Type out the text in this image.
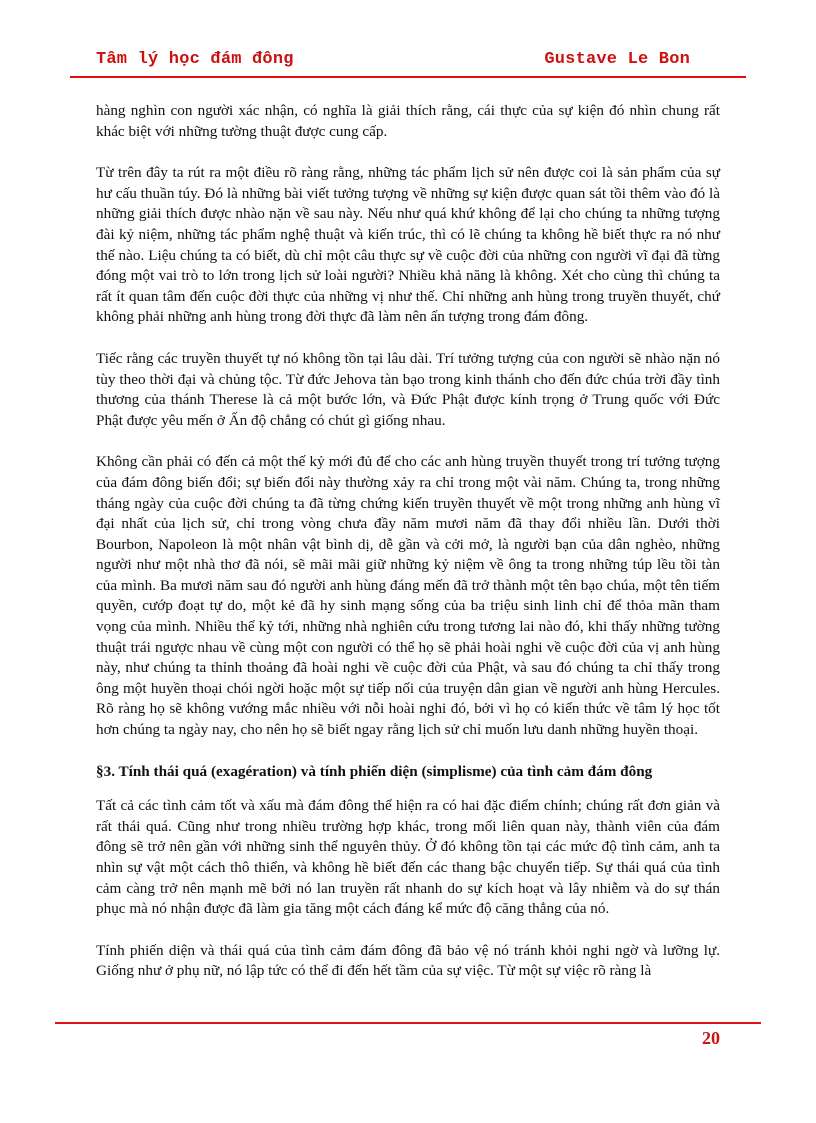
Tâm lý học đám đông	Gustave Le Bon

hàng nghìn con người xác nhận, có nghĩa là giải thích rằng, cái thực của sự kiện đó nhìn chung rất khác biệt với những tường thuật được cung cấp.

Từ trên đây ta rút ra một điều rõ ràng rằng, những tác phẩm lịch sử nên được coi là sản phẩm của sự hư cấu thuần túy. Đó là những bài viết tưởng tượng về những sự kiện được quan sát tồi thêm vào đó là những giải thích được nhào nặn về sau này. Nếu như quá khứ không để lại cho chúng ta những tượng đài kỷ niệm, những tác phẩm nghệ thuật và kiến trúc, thì có lẽ chúng ta không hề biết thực ra nó như thế nào. Liệu chúng ta có biết, dù chỉ một câu thực sự về cuộc đời của những con người vĩ đại đã từng đóng một vai trò to lớn trong lịch sử loài người? Nhiều khả năng là không. Xét cho cùng thì chúng ta rất ít quan tâm đến cuộc đời thực của những vị như thế. Chỉ những anh hùng trong truyền thuyết, chứ không phải những anh hùng trong đời thực đã làm nên ấn tượng trong đám đông.

Tiếc rằng các truyền thuyết tự nó không tồn tại lâu dài. Trí tưởng tượng của con người sẽ nhào nặn nó tùy theo thời đại và chủng tộc. Từ đức Jehova tàn bạo trong kinh thánh cho đến đức chúa trời đầy tình thương của thánh Therese là cả một bước lớn, và Đức Phật được kính trọng ở Trung quốc với Đức Phật được yêu mến ở Ấn độ chẳng có chút gì giống nhau.

Không cần phải có đến cả một thế kỷ mới đủ để cho các anh hùng truyền thuyết trong trí tưởng tượng của đám đông biến đổi; sự biến đổi này thường xảy ra chỉ trong một vài năm. Chúng ta, trong những tháng ngày của cuộc đời chúng ta đã từng chứng kiến truyền thuyết về một trong những anh hùng vĩ đại nhất của lịch sử, chỉ trong vòng chưa đầy năm mươi năm đã thay đổi nhiều lần. Dưới thời Bourbon, Napoleon là một nhân vật bình dị, dễ gần và cởi mở, là người bạn của dân nghèo, những người như một nhà thơ đã nói, sẽ mãi mãi giữ những kỷ niệm về ông ta trong những túp lều tồi tàn của mình. Ba mươi năm sau đó người anh hùng đáng mến đã trở thành một tên bạo chúa, một tên tiếm quyền, cướp đoạt tự do, một kẻ đã hy sinh mạng sống của ba triệu sinh linh chỉ để thỏa mãn tham vọng của mình. Nhiều thế kỷ tới, những nhà nghiên cứu trong tương lai nào đó, khi thấy những tường thuật trái ngược nhau về cùng một con người có thể họ sẽ phải hoài nghi về cuộc đời của vị anh hùng này, như chúng ta thỉnh thoảng đã hoài nghi về cuộc đời của Phật, và sau đó chúng ta chỉ thấy trong ông một huyền thoại chói ngời hoặc một sự tiếp nối của truyện dân gian về người anh hùng Hercules. Rõ ràng họ sẽ không vướng mắc nhiều với nỗi hoài nghi đó, bởi vì họ có kiến thức về tâm lý học tốt hơn chúng ta ngày nay, cho nên họ sẽ biết ngay rằng lịch sử chỉ muốn lưu danh những huyền thoại.

§3. Tính thái quá (exagération) và tính phiến diện (simplisme) của tình cảm đám đông

Tất cả các tình cảm tốt và xấu mà đám đông thể hiện ra có hai đặc điểm chính; chúng rất đơn giản và rất thái quá. Cũng như trong nhiều trường hợp khác, trong mối liên quan này, thành viên của đám đông sẽ trở nên gần với những sinh thể nguyên thủy. Ở đó không tồn tại các mức độ tình cảm, anh ta nhìn sự vật một cách thô thiển, và không hề biết đến các thang bậc chuyển tiếp. Sự thái quá của tình cảm càng trở nên mạnh mẽ bởi nó lan truyền rất nhanh do sự kích hoạt và lây nhiễm và do sự thán phục mà nó nhận được đã làm gia tăng một cách đáng kể mức độ căng thẳng của nó.

Tính phiến diện và thái quá của tình cảm đám đông đã bảo vệ nó tránh khỏi nghi ngờ và lưỡng lự. Giống như ở phụ nữ, nó lập tức có thể đi đến hết tầm của sự việc. Từ một sự việc rõ ràng là

20
